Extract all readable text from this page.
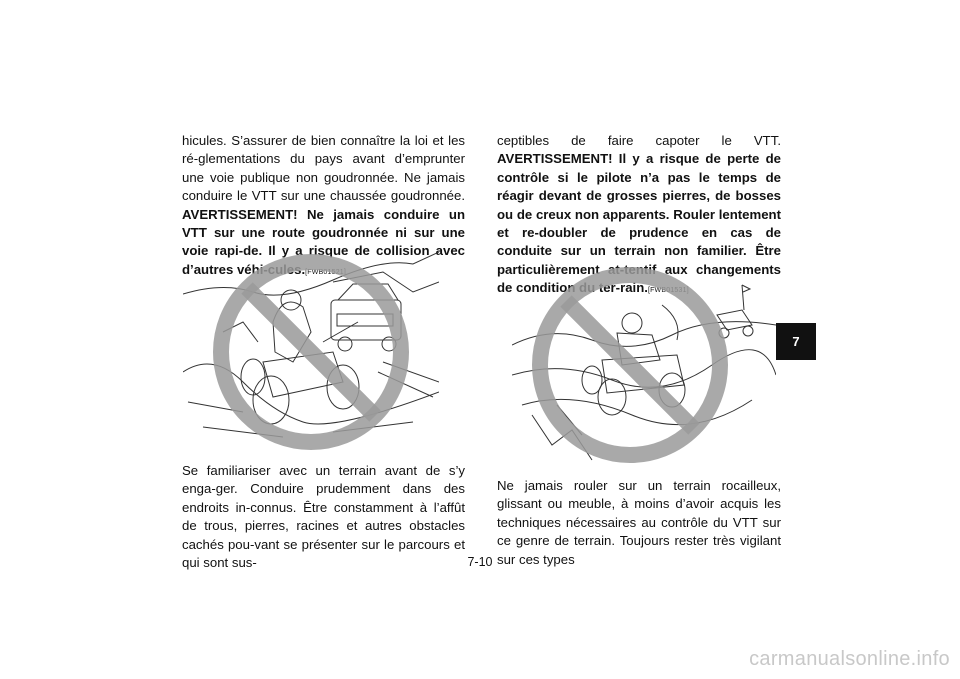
hicules. S’assurer de bien connaître la loi et les ré-glementations du pays avant d’emprunter une voie publique non goudronnée. Ne jamais conduire le VTT sur une chaussée goudronnée. AVERTISSEMENT! Ne jamais conduire un VTT sur une route goudronnée ni sur une voie rapi-de. Il y a risque de collision avec d’autres véhi-cules.[FWB01521]

Se familiariser avec un terrain avant de s’y enga-ger. Conduire prudemment dans des endroits in-connus. Être constamment à l’affût de trous, pierres, racines et autres obstacles cachés pou-vant se présenter sur le parcours et qui sont sus-

ceptibles de faire capoter le VTT. AVERTISSEMENT! Il y a risque de perte de contrôle si le pilote n’a pas le temps de réagir devant de grosses pierres, de bosses ou de creux non apparents. Rouler lentement et re-doubler de prudence en cas de conduite sur un terrain non familier. Être particulièrement at-tentif aux changements de condition du ter-rain.[FWB01531]

Ne jamais rouler sur un terrain rocailleux, glissant ou meuble, à moins d’avoir acquis les techniques nécessaires au contrôle du VTT sur ce genre de terrain. Toujours rester très vigilant sur ces types

7
7-10
carmanualsonline.info
